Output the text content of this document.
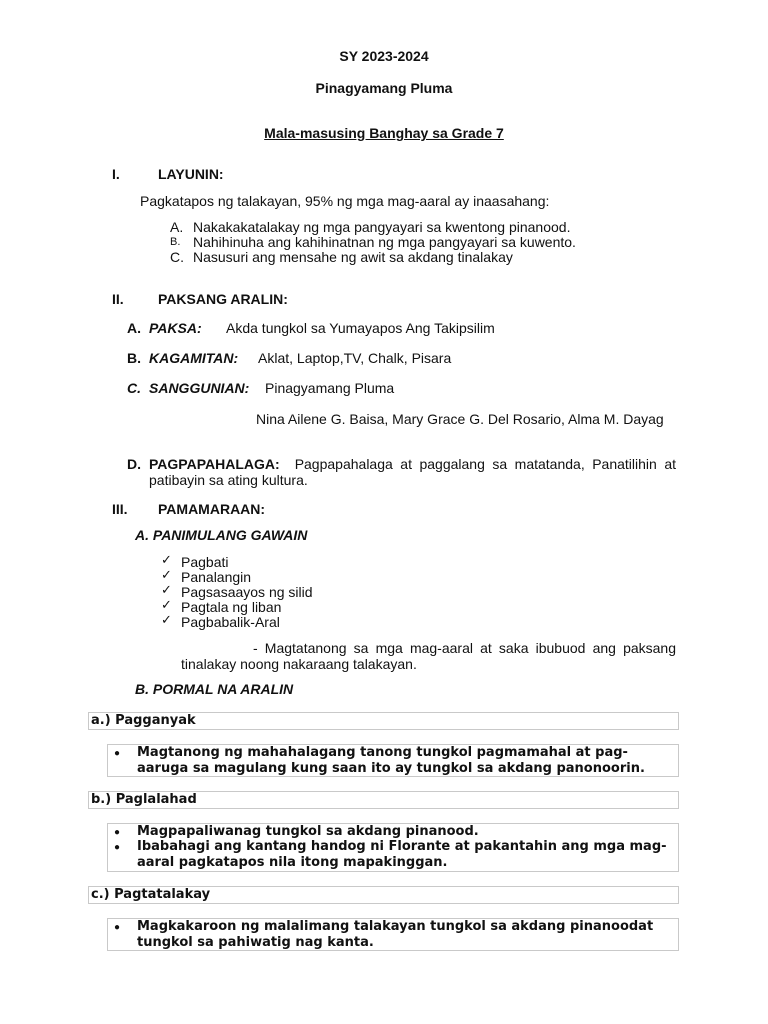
SY 2023-2024
Pinagyamang Pluma
Mala-masusing Banghay sa Grade 7
I.	LAYUNIN:
Pagkatapos ng talakayan, 95% ng mga mag-aaral ay inaasahang:
A. Nakakakatalakay ng mga pangyayari sa kwentong pinanood.
B. Nahihinuha ang kahihinatnan ng mga pangyayari sa kuwento.
C. Nasusuri ang mensahe ng awit sa akdang tinalakay
II. PAKSANG ARALIN:
A. PAKSA: Akda tungkol sa Yumayapos Ang Takipsilim
B. KAGAMITAN: Aklat, Laptop,TV, Chalk, Pisara
C. SANGGUNIAN: Pinagyamang Pluma
Nina Ailene G. Baisa, Mary Grace G. Del Rosario, Alma M. Dayag
D. PAGPAPAHALAGA: Pagpapahalaga at paggalang sa matatanda, Panatilihin at patibayin sa ating kultura.
III. PAMAMARAAN:
A. PANIMULANG GAWAIN
✓ Pagbati
✓ Panalangin
✓ Pagsasaayos ng silid
✓ Pagtala ng liban
✓ Pagbabalik-Aral
- Magtatanong sa mga mag-aaral at saka ibubuod ang paksang tinalakay noong nakaraang talakayan.
B. PORMAL NA ARALIN
a.) Pagganyak
● Magtanong ng mahahalagang tanong tungkol pagmamahal at pag-aaruga sa magulang kung saan ito ay tungkol sa akdang panonoorin.
b.) Paglalahad
● Magpapaliwanag tungkol sa akdang pinanood.
● Ibabahagi ang kantang handog ni Florante at pakantahin ang mga mag-aaral pagkatapos nila itong mapakinggan.
c.) Pagtatalakay
● Magkakaroon ng malalimang talakayan tungkol sa akdang pinanoodat tungkol sa pahiwatig nag kanta.
